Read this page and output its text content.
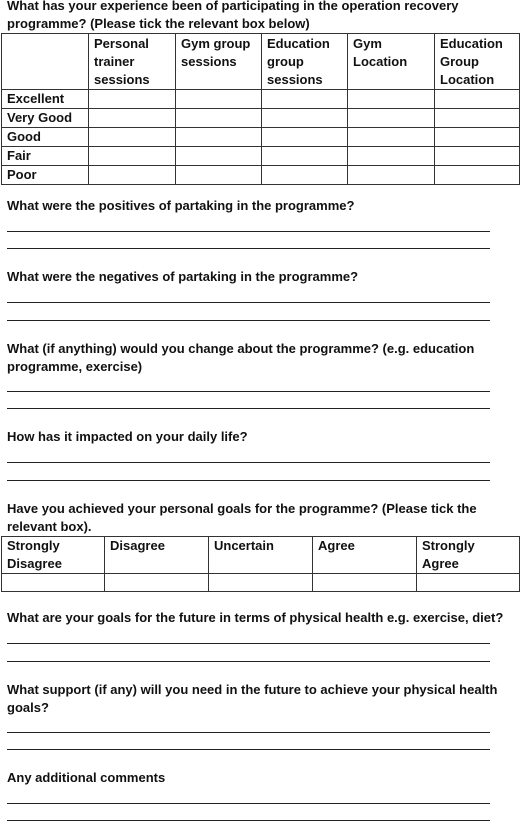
What has your experience been of participating in the operation recovery programme? (Please tick the relevant box below)

	Personal trainer sessions	Gym group sessions	Education group sessions	Gym Location	Education Group Location
Excellent					
Very Good					
Good					
Fair					
Poor					

What were the positives of partaking in the programme?

What were the negatives of partaking in the programme?

What (if anything) would you change about the programme? (e.g. education programme, exercise)

How has it impacted on your daily life?

Have you achieved your personal goals for the programme? (Please tick the relevant box).

Strongly Disagree	Disagree	Uncertain	Agree	Strongly Agree

What are your goals for the future in terms of physical health e.g. exercise, diet?

What support (if any) will you need in the future to achieve your physical health goals?

Any additional comments
